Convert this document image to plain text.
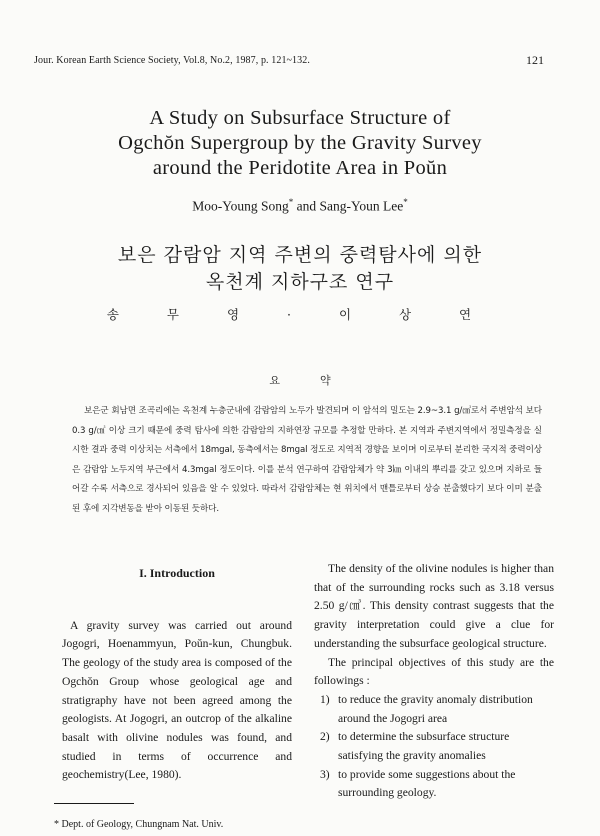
Jour. Korean Earth Science Society, Vol.8, No.2, 1987, p. 121~132.	121
A Study on Subsurface Structure of
Ogchŏn Supergroup by the Gravity Survey
around the Peridotite Area in Poŭn
Moo-Young Song* and Sang-Youn Lee*
보은 감람암 지역 주변의 중력탐사에 의한
옥천계 지하구조 연구
송 무 영 · 이 상 연
요약
보은군 회남면 조곡리에는 옥천계 누층군내에 감람암의 노두가 발견되며 이 암석의 밀도는 2.9~3.1 g/㎤로서 주변암석 보다 0.3 g/㎤ 이상 크기 때문에 중력 탐사에 의한 감람암의 지하연장 규모를 추정할 만하다. 본 지역과 주변지역에서 정밀측정을 실시한 결과 중력 이상치는 서측에서 18mgal, 동측에서는 8mgal 정도로 지역적 경향을 보이며 이로부터 분리한 국지적 중력이상은 감람암 노두지역 부근에서 4.3mgal 정도이다. 이를 분석 연구하여 감람암체가 약 3㎞ 이내의 뿌리를 갖고 있으며 지하로 들어갈 수록 서측으로 경사되어 있음을 알 수 있었다. 따라서 감람암체는 현 위치에서 맨틀로부터 상승 분출했다기 보다 이미 분출된 후에 지각변동을 받아 이동된 듯하다.
I. Introduction

A gravity survey was carried out around Jogogri, Hoenammyun, Poŭn-kun, Chungbuk. The geology of the study area is composed of the Ogchŏn Group whose geological age and stratigraphy have not been agreed among the geologists. At Jogogri, an outcrop of the alkaline basalt with olivine nodules was found, and studied in terms of occurrence and geochemistry(Lee, 1980).

* Dept. of Geology, Chungnam Nat. Univ.

The density of the olivine nodules is higher than that of the surrounding rocks such as 3.18 versus 2.50 g/㎤. This density contrast suggests that the gravity interpretation could give a clue for understanding the subsurface geological structure.

The principal objectives of this study are the followings :

1) to reduce the gravity anomaly distribution around the Jogogri area
2) to determine the subsurface structure satisfying the gravity anomalies
3) to provide some suggestions about the surrounding geology.
